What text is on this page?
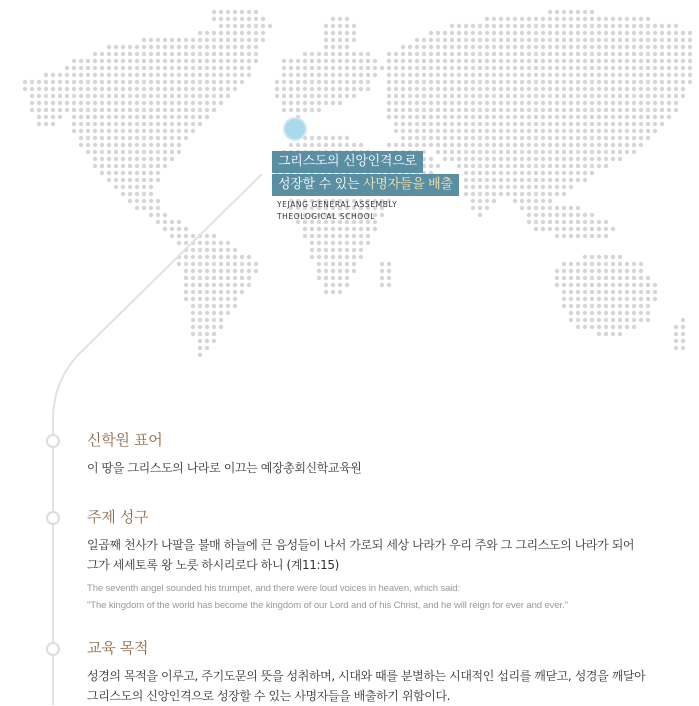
그리스도의 신앙인격으로
성장할 수 있는 사명자들을 배출
YEJANG GENERAL ASSEMBLY
THEOLOGICAL SCHOOL
신학원 표어
이 땅을 그리스도의 나라로 이끄는 예장총회신학교육원
주제 성구
일곱째 천사가 나팔을 불매 하늘에 큰 음성들이 나서 가로되 세상 나라가 우리 주와 그 그리스도의 나라가 되어
그가 세세토록 왕 노릇 하시리로다 하니 (계11:15)
The seventh angel sounded his trumpet, and there were loud voices in heaven, which said:
"The kingdom of the world has become the kingdom of our Lord and of his Christ, and he will reign for ever and ever."
교육 목적
성경의 목적을 이루고, 주기도문의 뜻을 성취하며, 시대와 때를 분별하는 시대적인 섭리를 깨닫고, 성경을 깨달아
그리스도의 신앙인격으로 성장할 수 있는 사명자들을 배출하기 위함이다.
